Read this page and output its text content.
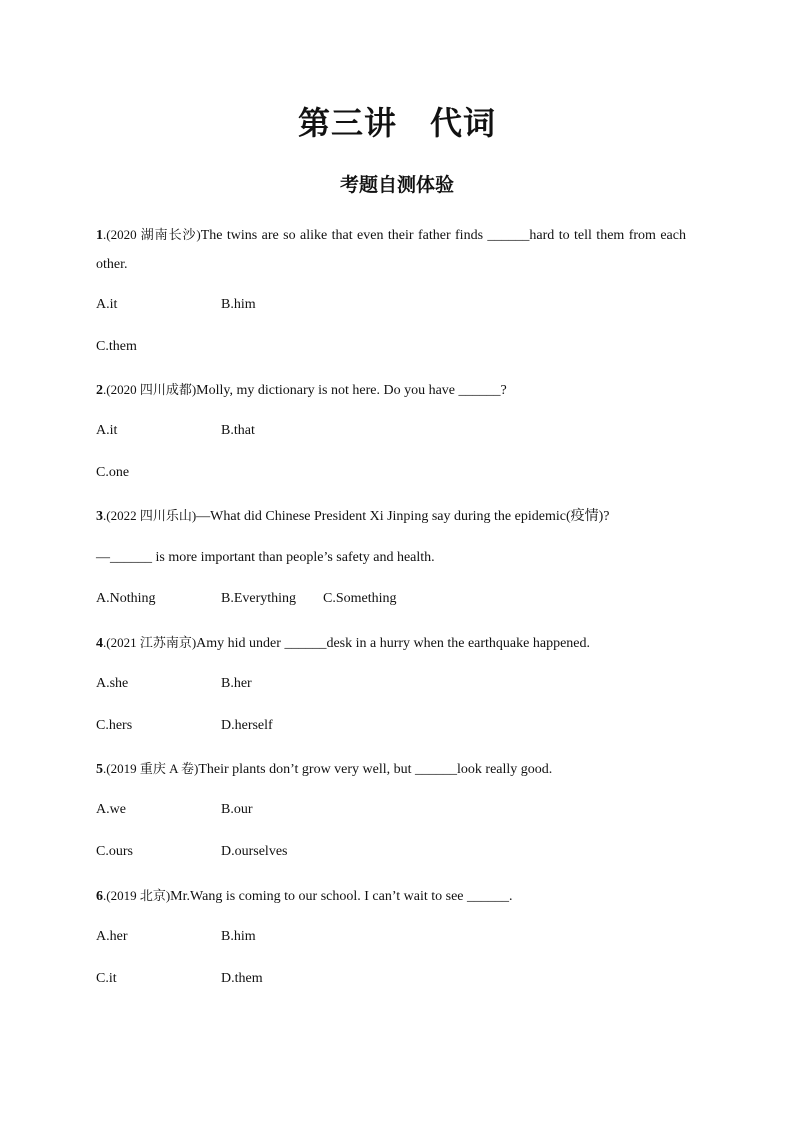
第三讲　代词
考题自测体验
1.(2020 湖南长沙)The twins are so alike that even their father finds ______hard to tell them from each other.
A.it	B.him
C.them
2.(2020 四川成都)Molly, my dictionary is not here. Do you have ______?
A.it	B.that
C.one
3.(2022 四川乐山)—What did Chinese President Xi Jinping say during the epidemic(疫情)?
—______ is more important than people’s safety and health.
A.Nothing	B.Everything C.Something
4.(2021 江苏南京)Amy hid under ______desk in a hurry when the earthquake happened.
A.she	B.her
C.hers	D.herself
5.(2019 重庆 A 卷)Their plants don’t grow very well, but ______look really good.
A.we	B.our
C.ours	D.ourselves
6.(2019 北京)Mr.Wang is coming to our school. I can’t wait to see ______.
A.her	B.him
C.it	D.them
